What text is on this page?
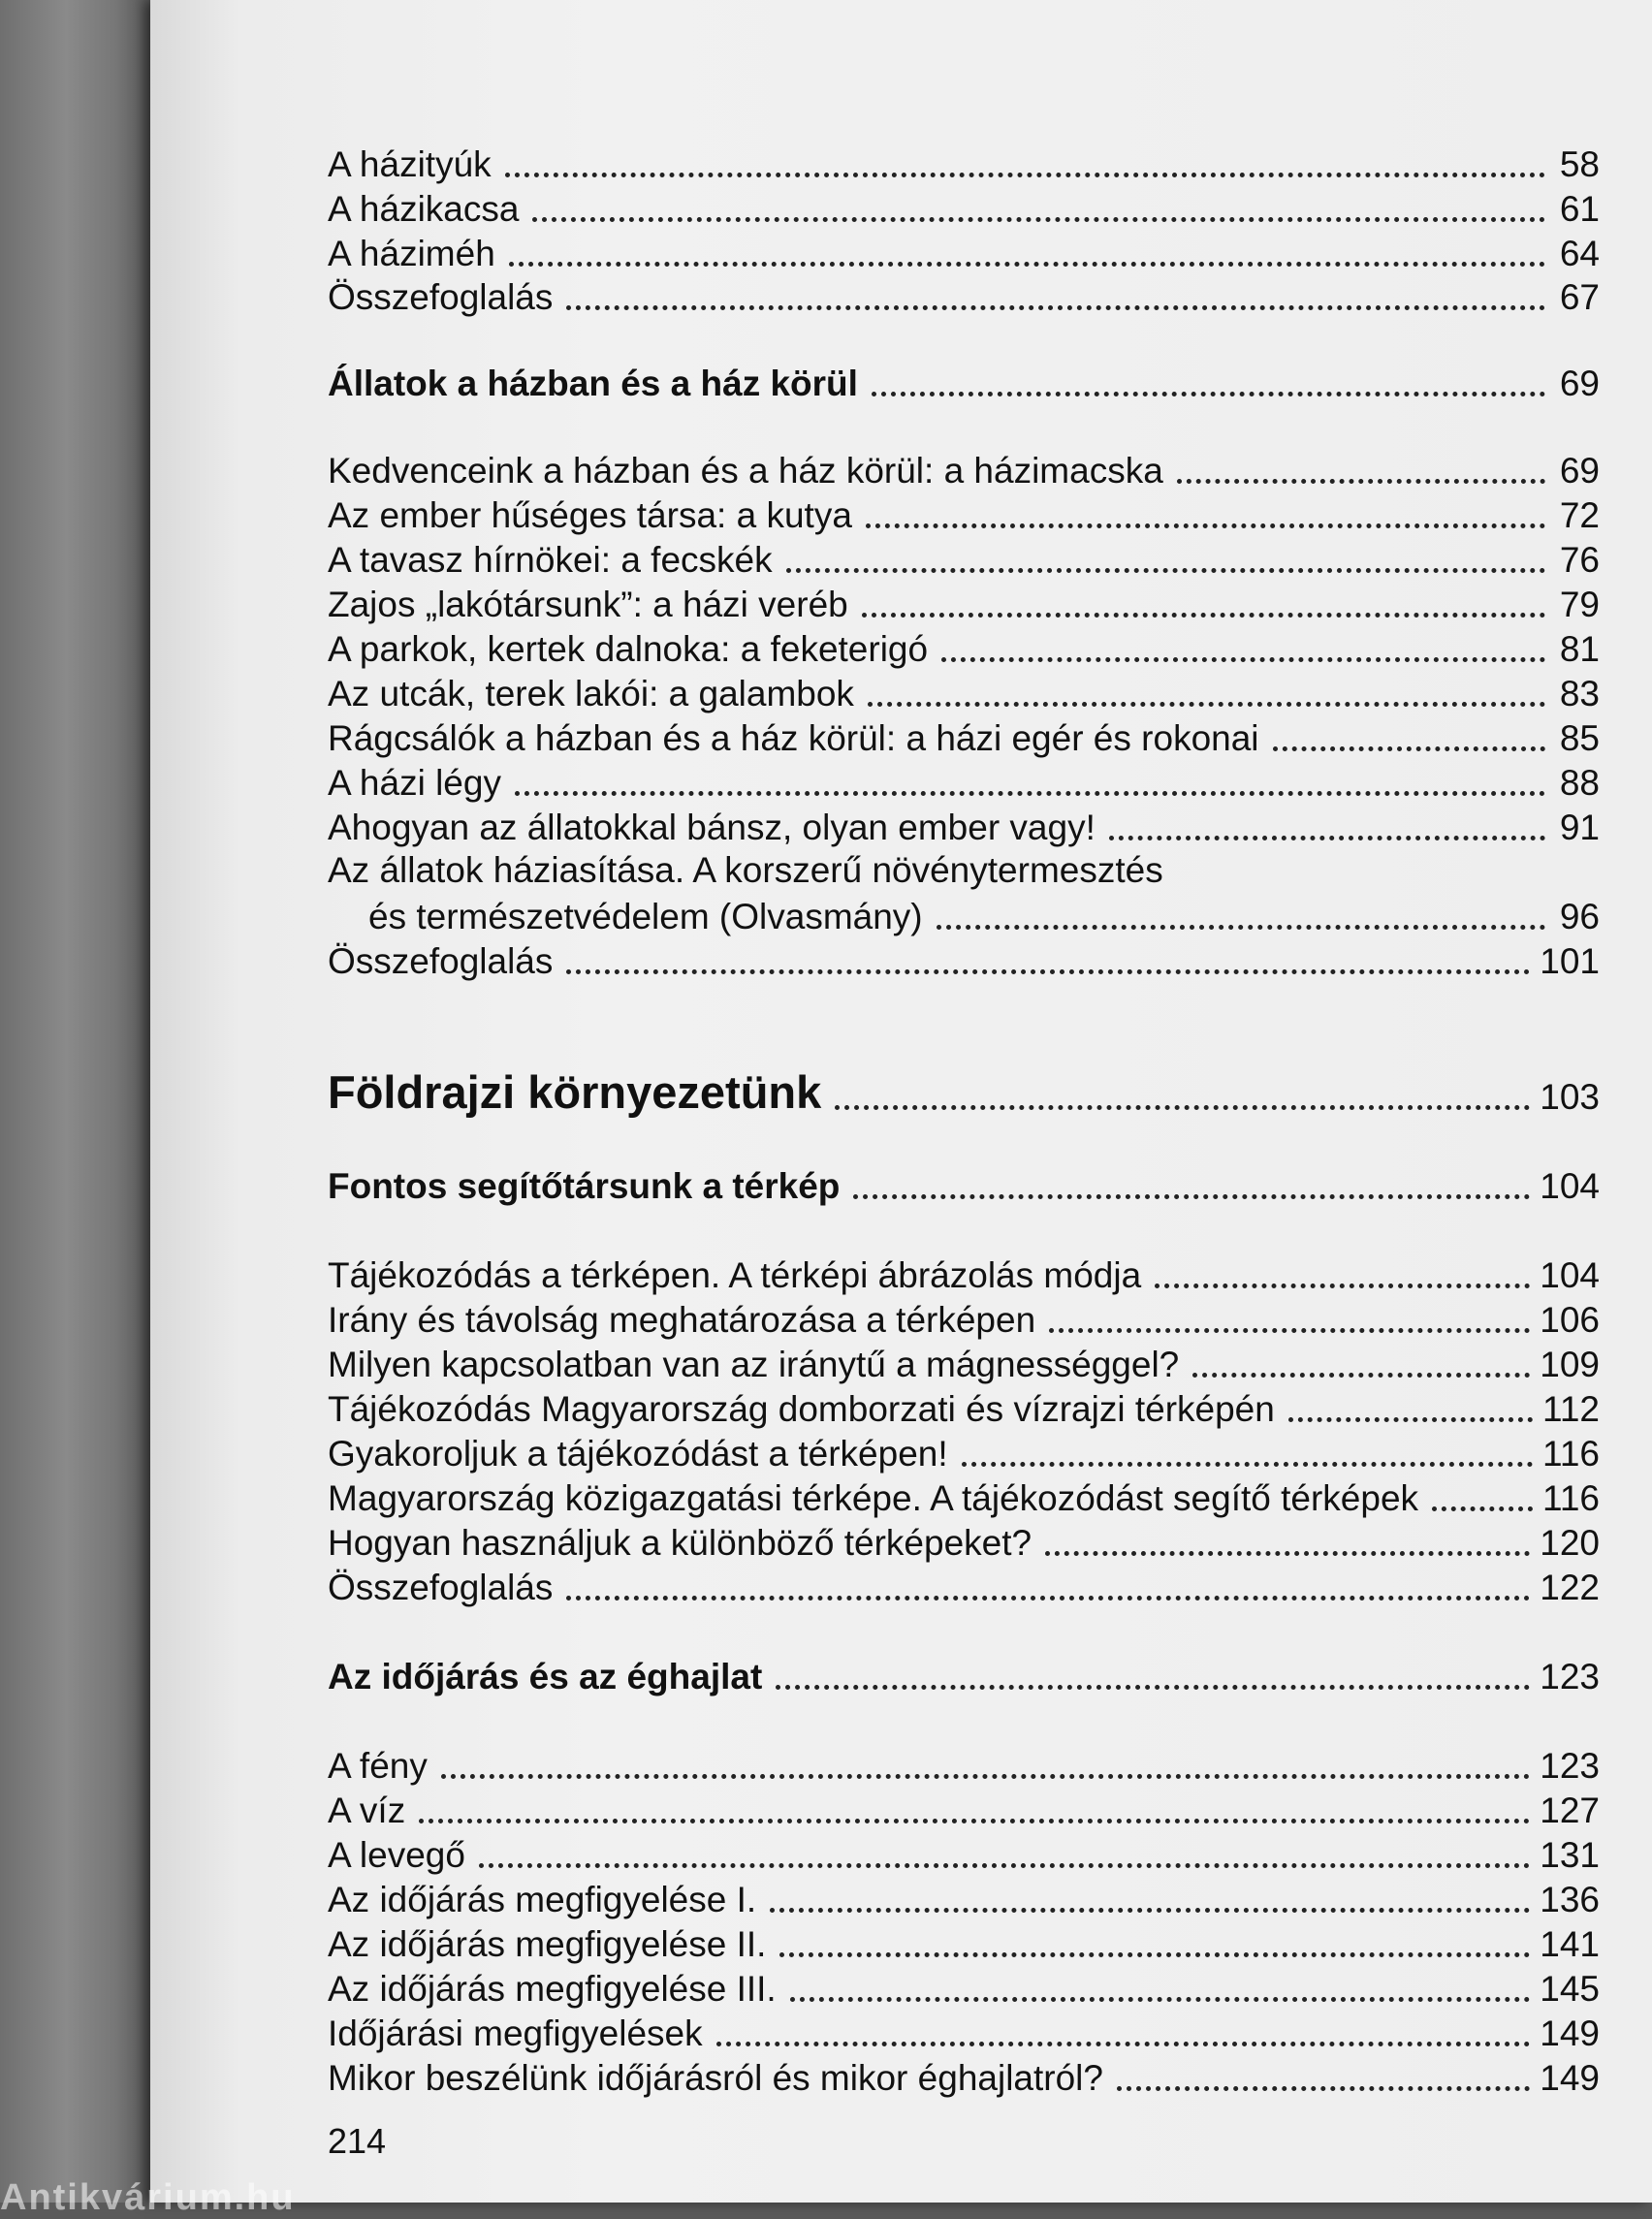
A házityúk	58
A házikacsa	61
A háziméh	64
Összefoglalás	67
Állatok a házban és a ház körül	69
Kedvenceink a házban és a ház körül: a házimacska	69
Az ember hűséges társa: a kutya	72
A tavasz hírnökei: a fecskék	76
Zajos „lakótársunk”: a házi veréb	79
A parkok, kertek dalnoka: a feketerigó	81
Az utcák, terek lakói: a galambok	83
Rágcsálók a házban és a ház körül: a házi egér és rokonai	85
A házi légy	88
Ahogyan az állatokkal bánsz, olyan ember vagy!	91
Az állatok háziasítása. A korszerű növénytermesztés
és természetvédelem (Olvasmány)	96
Összefoglalás	101
Földrajzi környezetünk	103
Fontos segítőtársunk a térkép	104
Tájékozódás a térképen. A térképi ábrázolás módja	104
Irány és távolság meghatározása a térképen	106
Milyen kapcsolatban van az iránytű a mágnességgel?	109
Tájékozódás Magyarország domborzati és vízrajzi térképén	112
Gyakoroljuk a tájékozódást a térképen!	116
Magyarország közigazgatási térképe. A tájékozódást segítő térképek	116
Hogyan használjuk a különböző térképeket?	120
Összefoglalás	122
Az időjárás és az éghajlat	123
A fény	123
A víz	127
A levegő	131
Az időjárás megfigyelése I.	136
Az időjárás megfigyelése II.	141
Az időjárás megfigyelése III.	145
Időjárási megfigyelések	149
Mikor beszélünk időjárásról és mikor éghajlatról?	149
214
Antikvárium.hu
